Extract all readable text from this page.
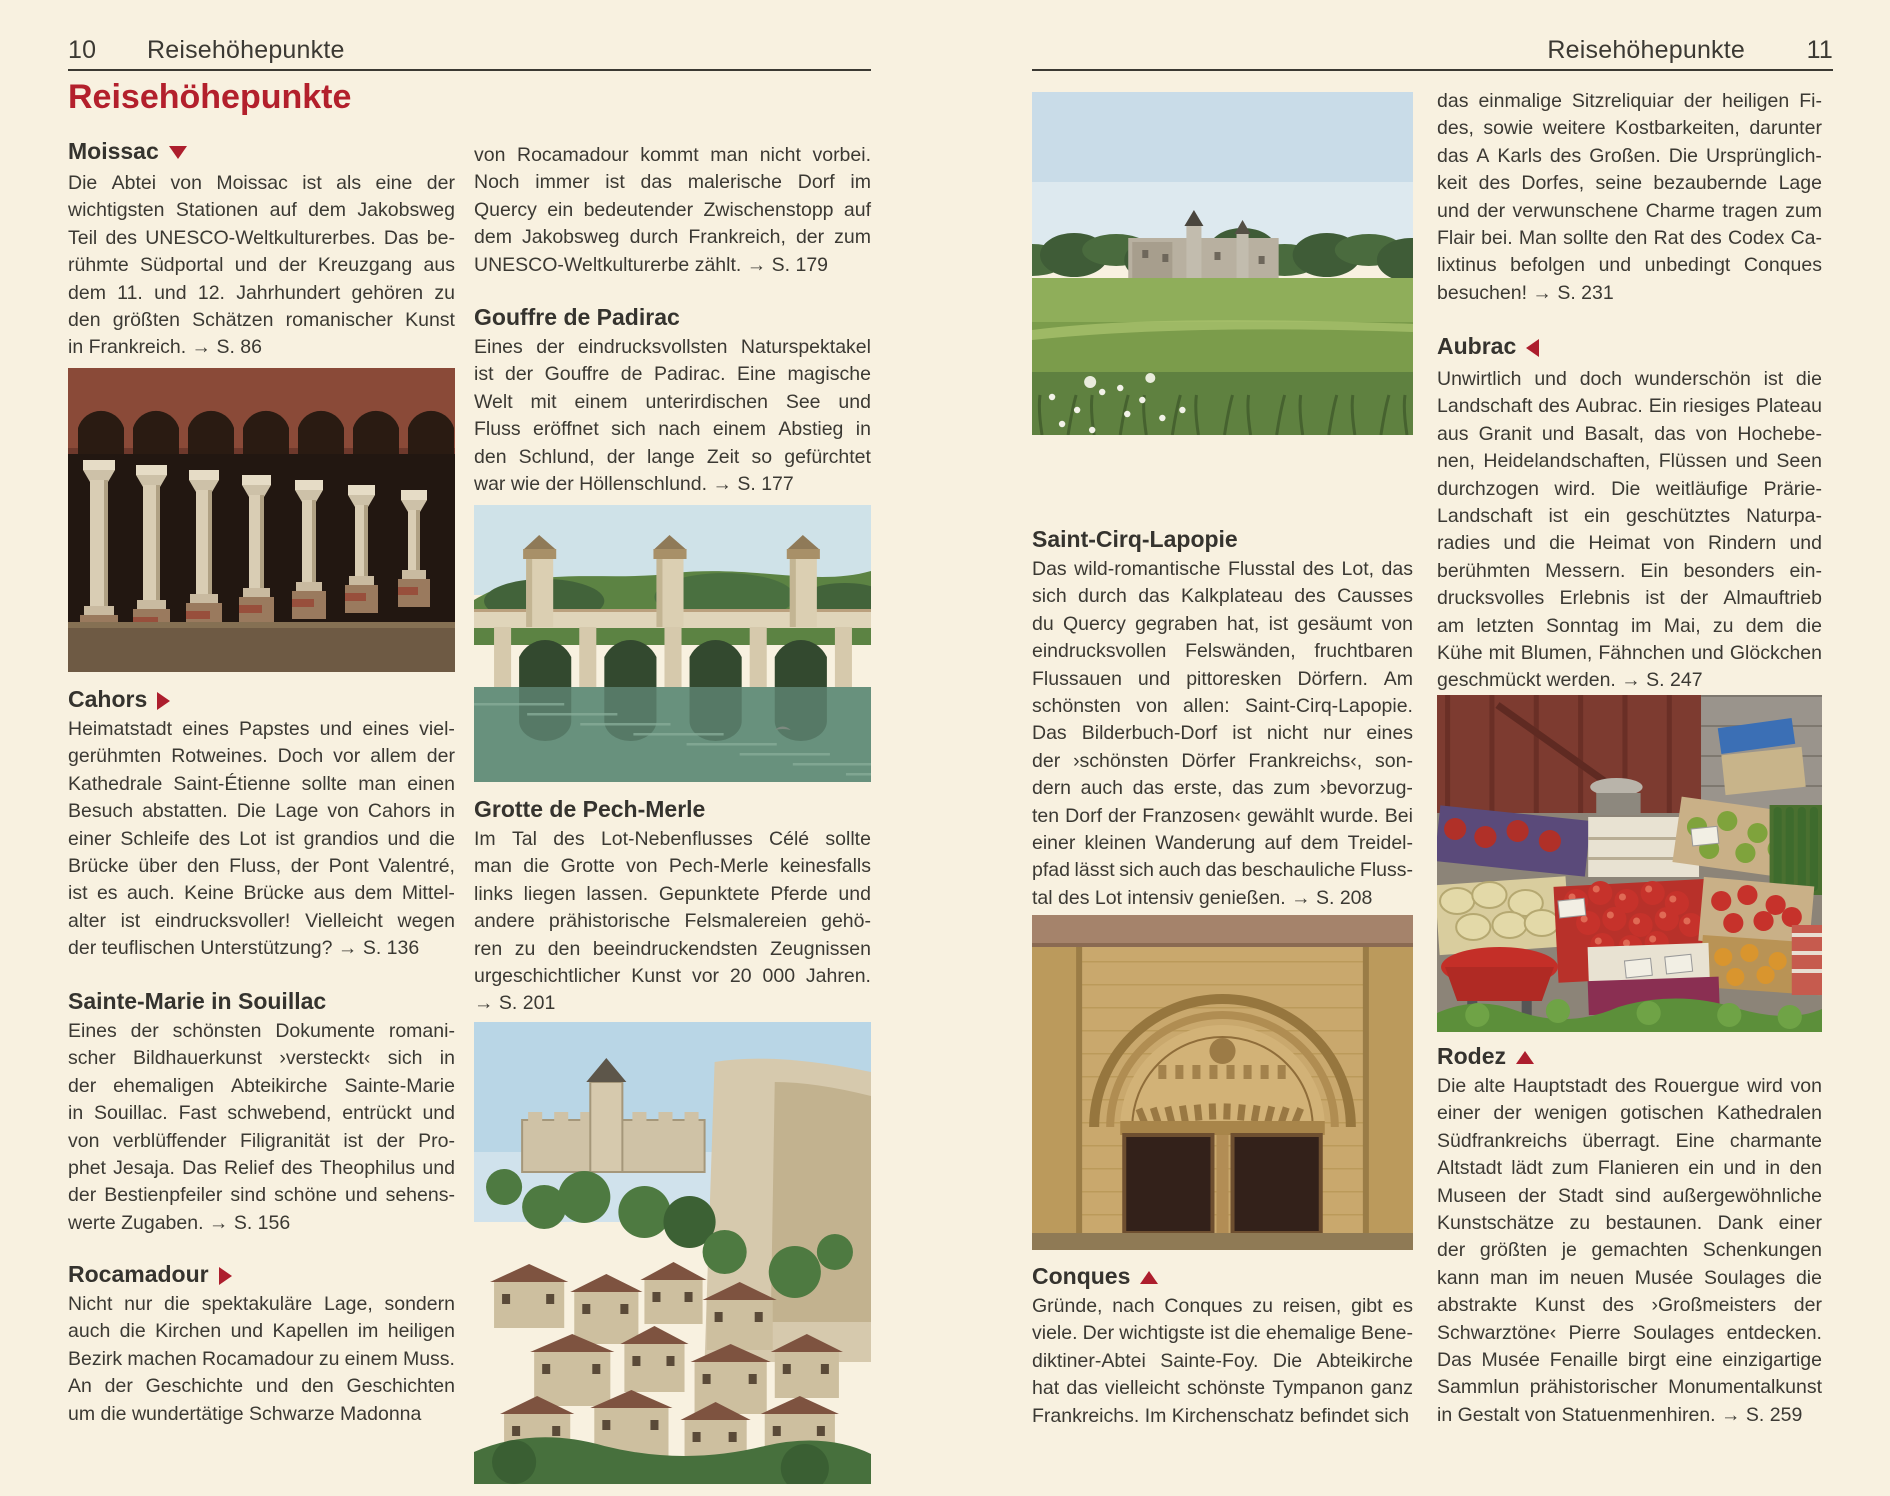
10 Reisehöhepunkte	Reisehöhepunkte 11
Reisehöhepunkte
Moissac
Die Abtei von Moissac ist als eine der
wichtigsten Stationen auf dem Jakobsweg
Teil des UNESCO-Weltkulturerbes. Das be-
rühmte Südportal und der Kreuzgang aus
dem 11. und 12. Jahrhundert gehören zu
den größten Schätzen romanischer Kunst
in Frankreich. → S. 86
Cahors
Heimatstadt eines Papstes und eines viel-
gerühmten Rotweines. Doch vor allem der
Kathedrale Saint-Étienne sollte man einen
Besuch abstatten. Die Lage von Cahors in
einer Schleife des Lot ist grandios und die
Brücke über den Fluss, der Pont Valentré,
ist es auch. Keine Brücke aus dem Mittel-
alter ist eindrucksvoller! Vielleicht wegen
der teuflischen Unterstützung? → S. 136
Sainte-Marie in Souillac
Eines der schönsten Dokumente romani-
scher Bildhauerkunst ›versteckt‹ sich in
der ehemaligen Abteikirche Sainte-Marie
in Souillac. Fast schwebend, entrückt und
von verblüffender Filigranität ist der Pro-
phet Jesaja. Das Relief des Theophilus und
der Bestienpfeiler sind schöne und sehens-
werte Zugaben. → S. 156
Rocamadour
Nicht nur die spektakuläre Lage, sondern
auch die Kirchen und Kapellen im heiligen
Bezirk machen Rocamadour zu einem Muss.
An der Geschichte und den Geschichten
um die wundertätige Schwarze Madonna
von Rocamadour kommt man nicht vorbei.
Noch immer ist das malerische Dorf im
Quercy ein bedeutender Zwischenstopp auf
dem Jakobsweg durch Frankreich, der zum
UNESCO-Weltkulturerbe zählt. → S. 179
Gouffre de Padirac
Eines der eindrucksvollsten Naturspektakel
ist der Gouffre de Padirac. Eine magische
Welt mit einem unterirdischen See und
Fluss eröffnet sich nach einem Abstieg in
den Schlund, der lange Zeit so gefürchtet
war wie der Höllenschlund. → S. 177
Grotte de Pech-Merle
Im Tal des Lot-Nebenflusses Célé sollte
man die Grotte von Pech-Merle keinesfalls
links liegen lassen. Gepunktete Pferde und
andere prähistorische Felsmalereien gehö-
ren zu den beeindruckendsten Zeugnissen
urgeschichtlicher Kunst vor 20 000 Jahren.
→ S. 201
Saint-Cirq-Lapopie
Das wild-romantische Flusstal des Lot, das
sich durch das Kalkplateau des Causses
du Quercy gegraben hat, ist gesäumt von
eindrucksvollen Felswänden, fruchtbaren
Flussauen und pittoresken Dörfern. Am
schönsten von allen: Saint-Cirq-Lapopie.
Das Bilderbuch-Dorf ist nicht nur eines
der ›schönsten Dörfer Frankreichs‹, son-
dern auch das erste, das zum ›bevorzug-
ten Dorf der Franzosen‹ gewählt wurde. Bei
einer kleinen Wanderung auf dem Treidel-
pfad lässt sich auch das beschauliche Fluss-
tal des Lot intensiv genießen. → S. 208
Conques
Gründe, nach Conques zu reisen, gibt es
viele. Der wichtigste ist die ehemalige Bene-
diktiner-Abtei Sainte-Foy. Die Abteikirche
hat das vielleicht schönste Tympanon ganz
Frankreichs. Im Kirchenschatz befindet sich
das einmalige Sitzreliquiar der heiligen Fi-
des, sowie weitere Kostbarkeiten, darunter
das A Karls des Großen. Die Ursprünglich-
keit des Dorfes, seine bezaubernde Lage
und der verwunschene Charme tragen zum
Flair bei. Man sollte den Rat des Codex Ca-
lixtinus befolgen und unbedingt Conques
besuchen! → S. 231
Aubrac
Unwirtlich und doch wunderschön ist die
Landschaft des Aubrac. Ein riesiges Plateau
aus Granit und Basalt, das von Hochebe-
nen, Heidelandschaften, Flüssen und Seen
durchzogen wird. Die weitläufige Prärie-
Landschaft ist ein geschütztes Naturpa-
radies und die Heimat von Rindern und
berühmten Messern. Ein besonders ein-
drucksvolles Erlebnis ist der Almauftrieb
am letzten Sonntag im Mai, zu dem die
Kühe mit Blumen, Fähnchen und Glöckchen
geschmückt werden. → S. 247
Rodez
Die alte Hauptstadt des Rouergue wird von
einer der wenigen gotischen Kathedralen
Südfrankreichs überragt. Eine charmante
Altstadt lädt zum Flanieren ein und in den
Museen der Stadt sind außergewöhnliche
Kunstschätze zu bestaunen. Dank einer
der größten je gemachten Schenkungen
kann man im neuen Musée Soulages die
abstrakte Kunst des ›Großmeisters der
Schwarztöne‹ Pierre Soulages entdecken.
Das Musée Fenaille birgt eine einzigartige
Sammlun prähistorischer Monumentalkunst
in Gestalt von Statuenmenhiren. → S. 259
